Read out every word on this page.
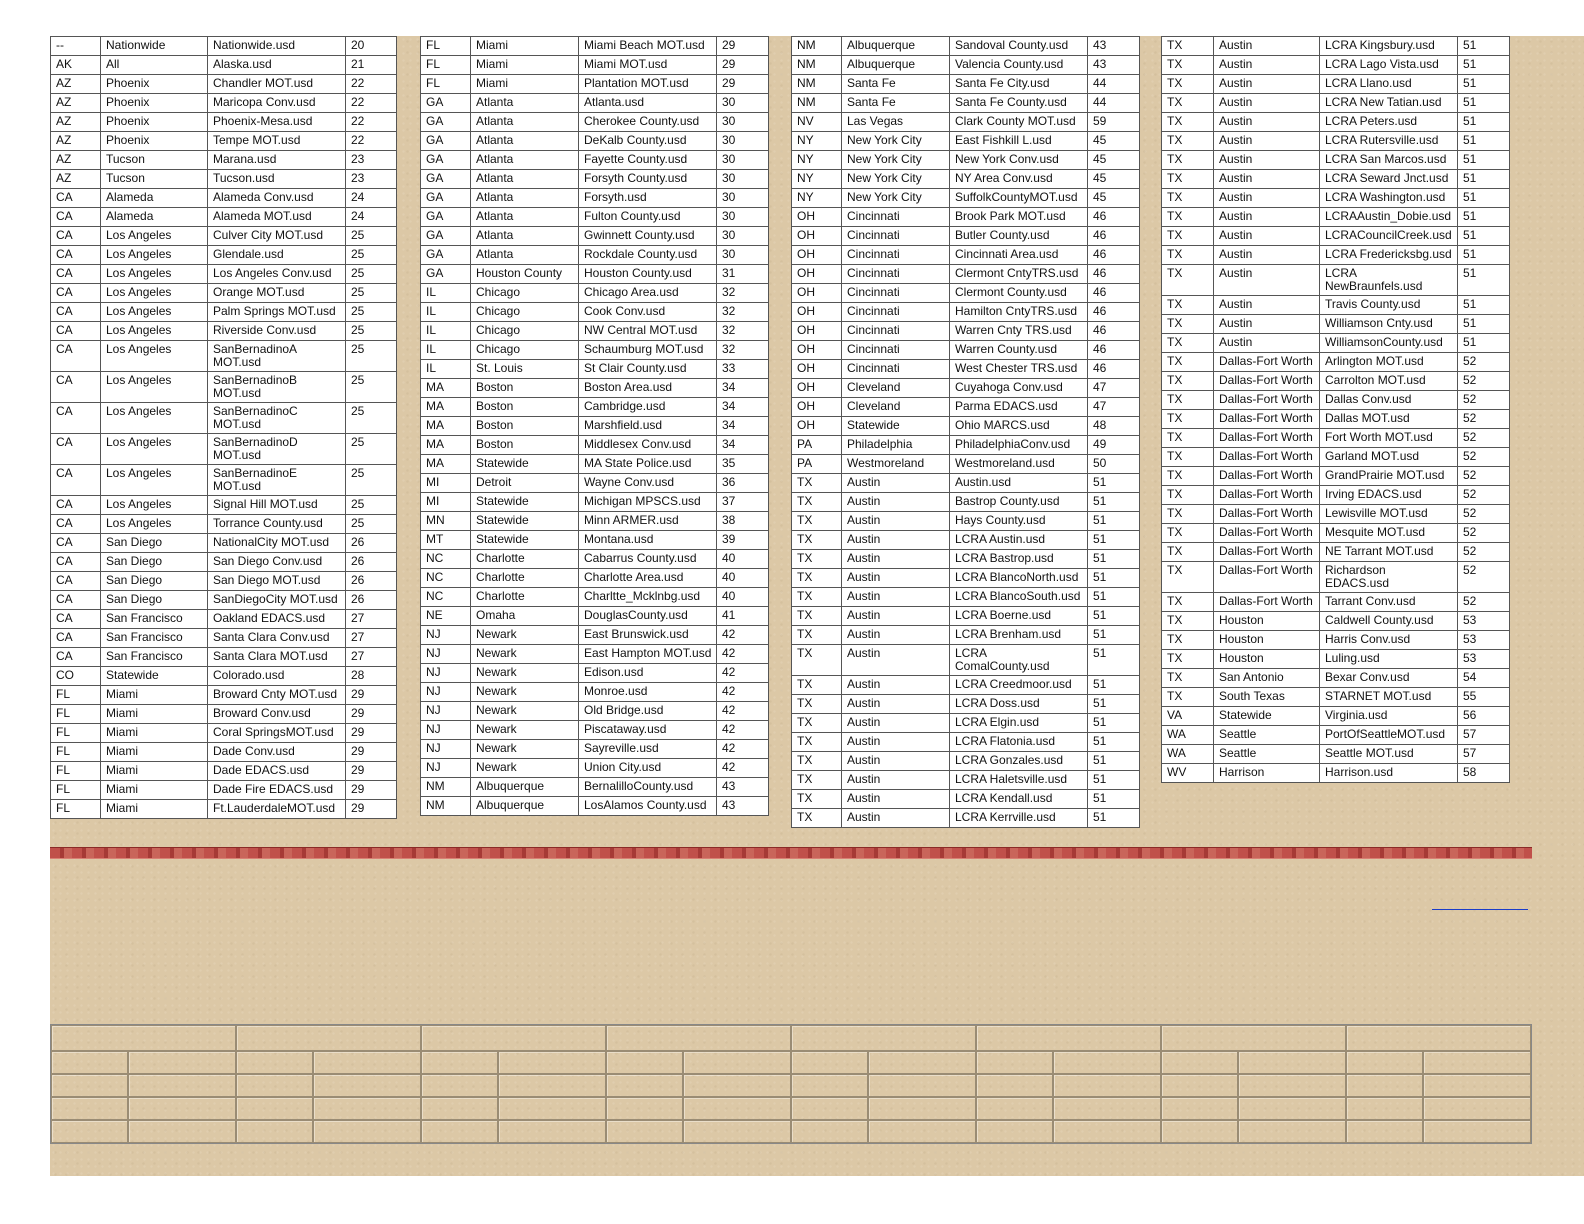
--	Nationwide	Nationwide.usd	20
AK	All	Alaska.usd	21
AZ	Phoenix	Chandler MOT.usd	22
AZ	Phoenix	Maricopa Conv.usd	22
AZ	Phoenix	Phoenix-Mesa.usd	22
AZ	Phoenix	Tempe MOT.usd	22
AZ	Tucson	Marana.usd	23
AZ	Tucson	Tucson.usd	23
CA	Alameda	Alameda Conv.usd	24
CA	Alameda	Alameda MOT.usd	24
CA	Los Angeles	Culver City MOT.usd	25
CA	Los Angeles	Glendale.usd	25
CA	Los Angeles	Los Angeles Conv.usd	25
CA	Los Angeles	Orange MOT.usd	25
CA	Los Angeles	Palm Springs MOT.usd	25
CA	Los Angeles	Riverside Conv.usd	25
CA	Los Angeles	SanBernadinoA MOT.usd	25
CA	Los Angeles	SanBernadinoB MOT.usd	25
CA	Los Angeles	SanBernadinoC MOT.usd	25
CA	Los Angeles	SanBernadinoD MOT.usd	25
CA	Los Angeles	SanBernadinoE MOT.usd	25
CA	Los Angeles	Signal Hill MOT.usd	25
CA	Los Angeles	Torrance County.usd	25
CA	San Diego	NationalCity MOT.usd	26
CA	San Diego	San Diego Conv.usd	26
CA	San Diego	San Diego MOT.usd	26
CA	San Diego	SanDiegoCity MOT.usd	26
CA	San Francisco	Oakland EDACS.usd	27
CA	San Francisco	Santa Clara Conv.usd	27
CA	San Francisco	Santa Clara MOT.usd	27
CO	Statewide	Colorado.usd	28
FL	Miami	Broward Cnty MOT.usd	29
FL	Miami	Broward Conv.usd	29
FL	Miami	Coral SpringsMOT.usd	29
FL	Miami	Dade Conv.usd	29
FL	Miami	Dade EDACS.usd	29
FL	Miami	Dade Fire EDACS.usd	29
FL	Miami	Ft.LauderdaleMOT.usd	29
FL	Miami	Miami Beach MOT.usd	29
FL	Miami	Miami MOT.usd	29
FL	Miami	Plantation MOT.usd	29
GA	Atlanta	Atlanta.usd	30
GA	Atlanta	Cherokee County.usd	30
GA	Atlanta	DeKalb County.usd	30
GA	Atlanta	Fayette County.usd	30
GA	Atlanta	Forsyth County.usd	30
GA	Atlanta	Forsyth.usd	30
GA	Atlanta	Fulton County.usd	30
GA	Atlanta	Gwinnett County.usd	30
GA	Atlanta	Rockdale County.usd	30
GA	Houston County	Houston County.usd	31
IL	Chicago	Chicago Area.usd	32
IL	Chicago	Cook Conv.usd	32
IL	Chicago	NW Central MOT.usd	32
IL	Chicago	Schaumburg MOT.usd	32
IL	St. Louis	St Clair County.usd	33
MA	Boston	Boston Area.usd	34
MA	Boston	Cambridge.usd	34
MA	Boston	Marshfield.usd	34
MA	Boston	Middlesex Conv.usd	34
MA	Statewide	MA State Police.usd	35
MI	Detroit	Wayne Conv.usd	36
MI	Statewide	Michigan MPSCS.usd	37
MN	Statewide	Minn ARMER.usd	38
MT	Statewide	Montana.usd	39
NC	Charlotte	Cabarrus County.usd	40
NC	Charlotte	Charlotte Area.usd	40
NC	Charlotte	Charltte_Mcklnbg.usd	40
NE	Omaha	DouglasCounty.usd	41
NJ	Newark	East Brunswick.usd	42
NJ	Newark	East Hampton MOT.usd	42
NJ	Newark	Edison.usd	42
NJ	Newark	Monroe.usd	42
NJ	Newark	Old Bridge.usd	42
NJ	Newark	Piscataway.usd	42
NJ	Newark	Sayreville.usd	42
NJ	Newark	Union City.usd	42
NM	Albuquerque	BernalilloCounty.usd	43
NM	Albuquerque	LosAlamos County.usd	43
NM	Albuquerque	Sandoval County.usd	43
NM	Albuquerque	Valencia County.usd	43
NM	Santa Fe	Santa Fe City.usd	44
NM	Santa Fe	Santa Fe County.usd	44
NV	Las Vegas	Clark County MOT.usd	59
NY	New York City	East Fishkill L.usd	45
NY	New York City	New York Conv.usd	45
NY	New York City	NY Area Conv.usd	45
NY	New York City	SuffolkCountyMOT.usd	45
OH	Cincinnati	Brook Park MOT.usd	46
OH	Cincinnati	Butler County.usd	46
OH	Cincinnati	Cincinnati Area.usd	46
OH	Cincinnati	Clermont CntyTRS.usd	46
OH	Cincinnati	Clermont County.usd	46
OH	Cincinnati	Hamilton CntyTRS.usd	46
OH	Cincinnati	Warren Cnty TRS.usd	46
OH	Cincinnati	Warren County.usd	46
OH	Cincinnati	West Chester TRS.usd	46
OH	Cleveland	Cuyahoga Conv.usd	47
OH	Cleveland	Parma EDACS.usd	47
OH	Statewide	Ohio MARCS.usd	48
PA	Philadelphia	PhiladelphiaConv.usd	49
PA	Westmoreland	Westmoreland.usd	50
TX	Austin	Austin.usd	51
TX	Austin	Bastrop County.usd	51
TX	Austin	Hays County.usd	51
TX	Austin	LCRA Austin.usd	51
TX	Austin	LCRA Bastrop.usd	51
TX	Austin	LCRA BlancoNorth.usd	51
TX	Austin	LCRA BlancoSouth.usd	51
TX	Austin	LCRA Boerne.usd	51
TX	Austin	LCRA Brenham.usd	51
TX	Austin	LCRA ComalCounty.usd	51
TX	Austin	LCRA Creedmoor.usd	51
TX	Austin	LCRA Doss.usd	51
TX	Austin	LCRA Elgin.usd	51
TX	Austin	LCRA Flatonia.usd	51
TX	Austin	LCRA Gonzales.usd	51
TX	Austin	LCRA Haletsville.usd	51
TX	Austin	LCRA Kendall.usd	51
TX	Austin	LCRA Kerrville.usd	51
TX	Austin	LCRA Kingsbury.usd	51
TX	Austin	LCRA Lago Vista.usd	51
TX	Austin	LCRA Llano.usd	51
TX	Austin	LCRA New Tatian.usd	51
TX	Austin	LCRA Peters.usd	51
TX	Austin	LCRA Rutersville.usd	51
TX	Austin	LCRA San Marcos.usd	51
TX	Austin	LCRA Seward Jnct.usd	51
TX	Austin	LCRA Washington.usd	51
TX	Austin	LCRAAustin_Dobie.usd	51
TX	Austin	LCRACouncilCreek.usd	51
TX	Austin	LCRA Fredericksbg.usd	51
TX	Austin	LCRA NewBraunfels.usd	51
TX	Austin	Travis County.usd	51
TX	Austin	Williamson Cnty.usd	51
TX	Austin	WilliamsonCounty.usd	51
TX	Dallas-Fort Worth	Arlington MOT.usd	52
TX	Dallas-Fort Worth	Carrolton MOT.usd	52
TX	Dallas-Fort Worth	Dallas Conv.usd	52
TX	Dallas-Fort Worth	Dallas MOT.usd	52
TX	Dallas-Fort Worth	Fort Worth MOT.usd	52
TX	Dallas-Fort Worth	Garland MOT.usd	52
TX	Dallas-Fort Worth	GrandPrairie MOT.usd	52
TX	Dallas-Fort Worth	Irving EDACS.usd	52
TX	Dallas-Fort Worth	Lewisville MOT.usd	52
TX	Dallas-Fort Worth	Mesquite MOT.usd	52
TX	Dallas-Fort Worth	NE Tarrant MOT.usd	52
TX	Dallas-Fort Worth	Richardson EDACS.usd	52
TX	Dallas-Fort Worth	Tarrant Conv.usd	52
TX	Houston	Caldwell County.usd	53
TX	Houston	Harris Conv.usd	53
TX	Houston	Luling.usd	53
TX	San Antonio	Bexar Conv.usd	54
TX	South Texas	STARNET MOT.usd	55
VA	Statewide	Virginia.usd	56
WA	Seattle	PortOfSeattleMOT.usd	57
WA	Seattle	Seattle MOT.usd	57
WV	Harrison	Harrison.usd	58
